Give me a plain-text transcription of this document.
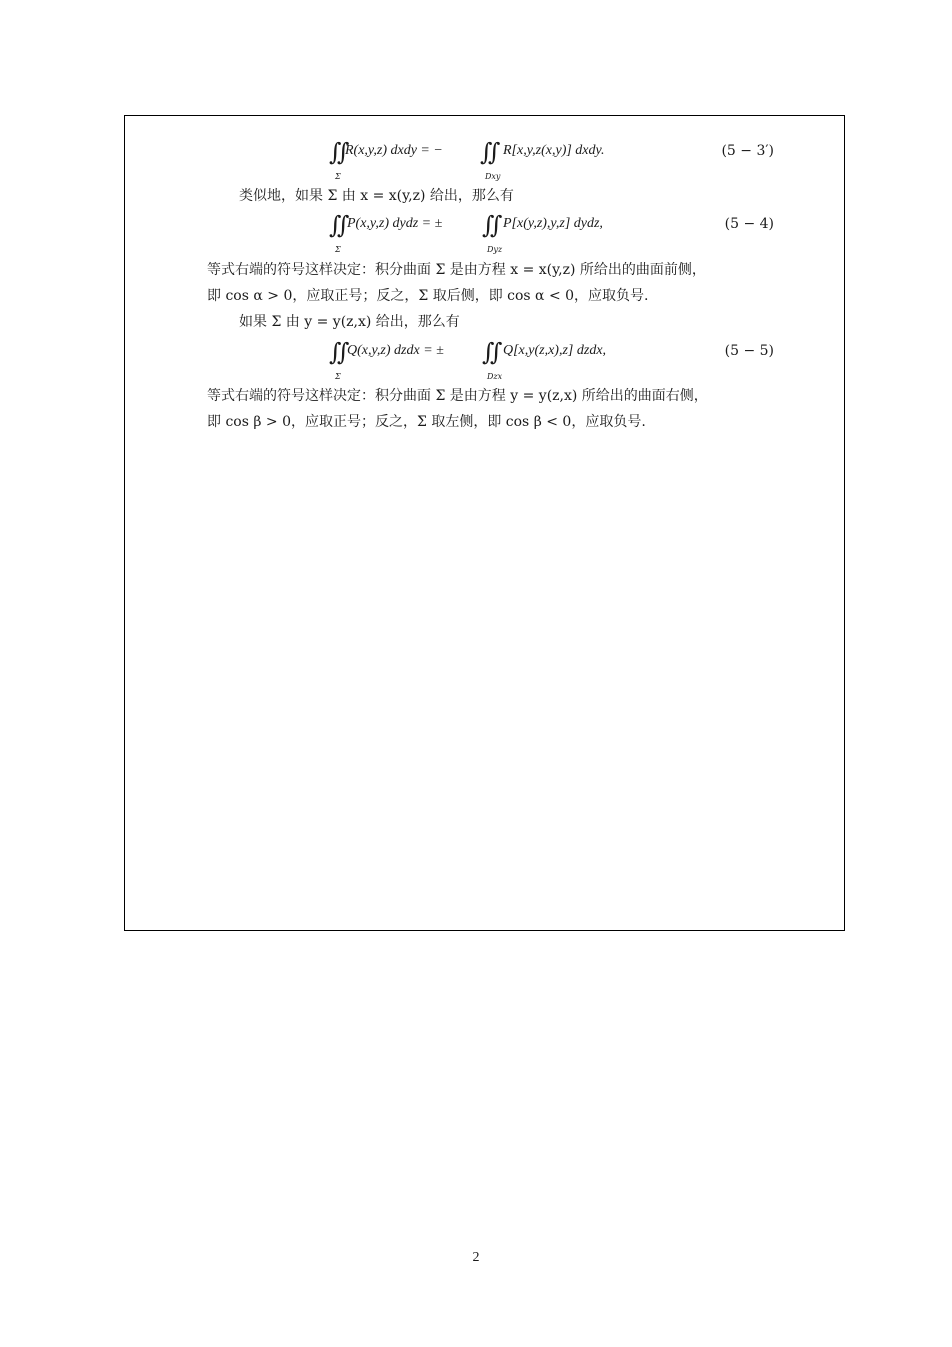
∬
Σ
R(x,y,z) dxdy = − ∬
Dxy
R[x,y,z(x,y)] dxdy.	(5 − 3′)
类似地，如果 Σ 由 x = x(y,z) 给出，那么有
∬
Σ
P(x,y,z) dydz = ± ∬
Dyz
P[x(y,z),y,z] dydz,	(5 − 4)
等式右端的符号这样决定：积分曲面 Σ 是由方程 x = x(y,z) 所给出的曲面前侧，
即 cos α > 0，应取正号；反之，Σ 取后侧，即 cos α < 0，应取负号.
如果 Σ 由 y = y(z,x) 给出，那么有
∬
Σ
Q(x,y,z) dzdx = ± ∬
Dzx
Q[x,y(z,x),z] dzdx,	(5 − 5)
等式右端的符号这样决定：积分曲面 Σ 是由方程 y = y(z,x) 所给出的曲面右侧，
即 cos β > 0，应取正号；反之，Σ 取左侧，即 cos β < 0，应取负号.
2
